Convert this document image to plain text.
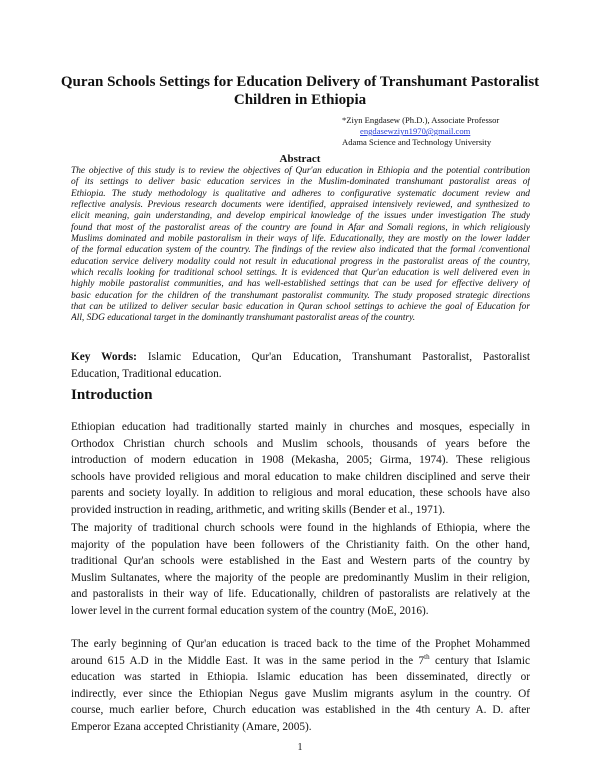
Quran Schools Settings for Education Delivery of Transhumant Pastoralist
Children in Ethiopia
*Ziyn Engdasew (Ph.D.), Associate Professor
engdasewziyn1970@gmail.com
Adama Science and Technology University
Abstract
The objective of this study is to review the objectives of Qur'an education in Ethiopia and the potential contribution
of its settings to deliver basic education services in the Muslim-dominated transhumant pastoralist areas of
Ethiopia. The study methodology is qualitative and adheres to configurative systematic document review and
reflective analysis. Previous research documents were identified, appraised intensively reviewed, and synthesized to
elicit meaning, gain understanding, and develop empirical knowledge of the issues under investigation The study
found that most of the pastoralist areas of the country are found in Afar and Somali regions, in which religiously
Muslims dominated and mobile pastoralism in their ways of life. Educationally, they are mostly on the lower ladder
of the formal education system of the country. The findings of the review also indicated that the formal /conventional
education service delivery modality could not result in educational progress in the pastoralist areas of the country,
which recalls looking for traditional school settings. It is evidenced that Qur'an education is well delivered even in
highly mobile pastoralist communities, and has well-established settings that can be used for effective delivery of
basic education for the children of the transhumant pastoralist community. The study proposed strategic directions
that can be utilized to deliver secular basic education in Quran school settings to achieve the goal of Education for
All, SDG educational target in the dominantly transhumant pastoralist areas of the country.
Key Words: Islamic Education, Qur'an Education, Transhumant Pastoralist, Pastoralist
Education, Traditional education.
Introduction
Ethiopian education had traditionally started mainly in churches and mosques, especially in
Orthodox Christian church schools and Muslim schools, thousands of years before the
introduction of modern education in 1908 (Mekasha, 2005; Girma, 1974). These religious
schools have provided religious and moral education to make children disciplined and serve their
parents and society loyally. In addition to religious and moral education, these schools have also
provided instruction in reading, arithmetic, and writing skills (Bender et al., 1971).
The majority of traditional church schools were found in the highlands of Ethiopia, where the
majority of the population have been followers of the Christianity faith. On the other hand,
traditional Qur'an schools were established in the East and Western parts of the country by
Muslim Sultanates, where the majority of the people are predominantly Muslim in their religion,
and pastoralists in their way of life. Educationally, children of pastoralists are relatively at the
lower level in the current formal education system of the country (MoE, 2016).
The early beginning of Qur'an education is traced back to the time of the Prophet Mohammed
around 615 A.D in the Middle East. It was in the same period in the 7th century that Islamic
education was started in Ethiopia. Islamic education has been disseminated, directly or
indirectly, ever since the Ethiopian Negus gave Muslim migrants asylum in the country. Of
course, much earlier before, Church education was established in the 4th century A. D. after
Emperor Ezana accepted Christianity (Amare, 2005).
1
